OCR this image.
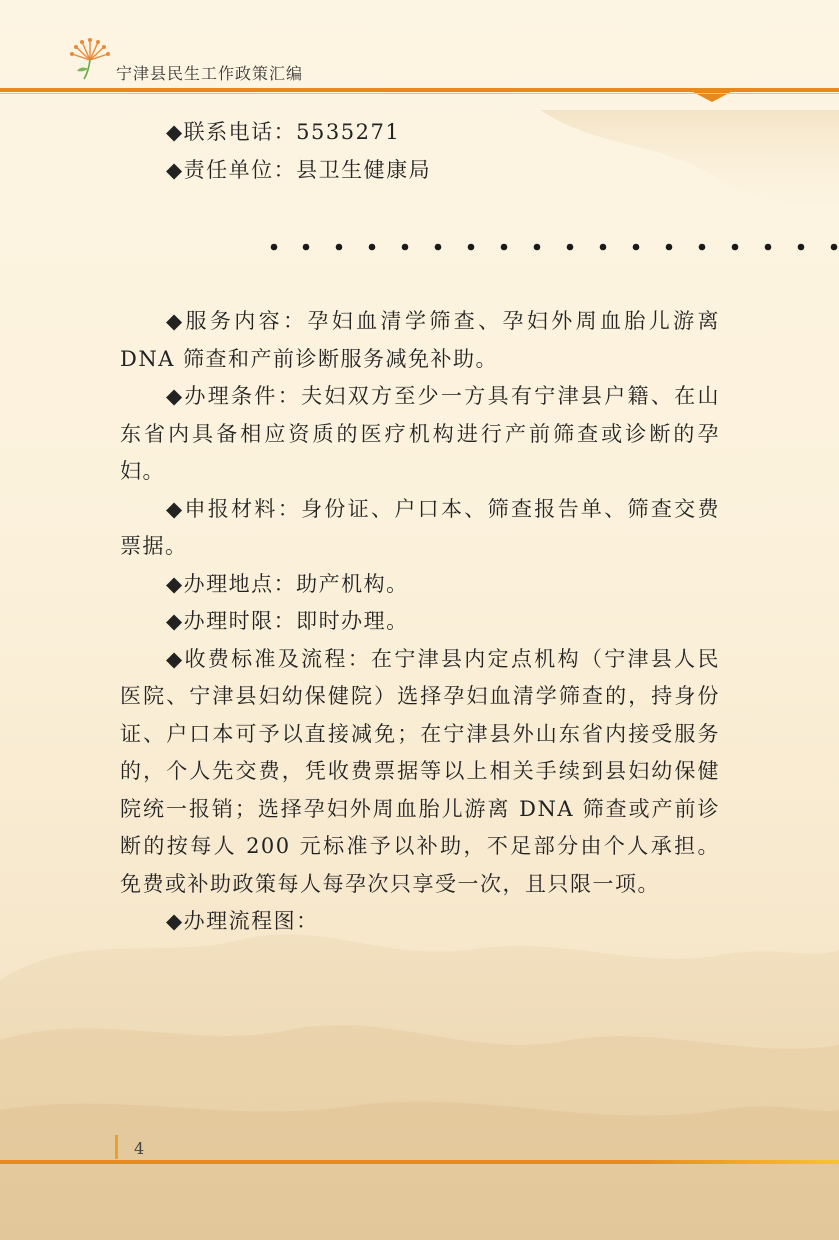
宁津县民生工作政策汇编

◆联系电话：5535271

◆责任单位：县卫生健康局

◆服务内容：孕妇血清学筛查、孕妇外周血胎儿游离 DNA 筛查和产前诊断服务减免补助。

◆办理条件：夫妇双方至少一方具有宁津县户籍、在山东省内具备相应资质的医疗机构进行产前筛查或诊断的孕妇。

◆申报材料：身份证、户口本、筛查报告单、筛查交费票据。

◆办理地点：助产机构。

◆办理时限：即时办理。

◆收费标准及流程：在宁津县内定点机构（宁津县人民医院、宁津县妇幼保健院）选择孕妇血清学筛查的，持身份证、户口本可予以直接减免；在宁津县外山东省内接受服务的，个人先交费，凭收费票据等以上相关手续到县妇幼保健院统一报销；选择孕妇外周血胎儿游离 DNA 筛查或产前诊断的按每人 200 元标准予以补助，不足部分由个人承担。免费或补助政策每人每孕次只享受一次，且只限一项。

◆办理流程图：

4
